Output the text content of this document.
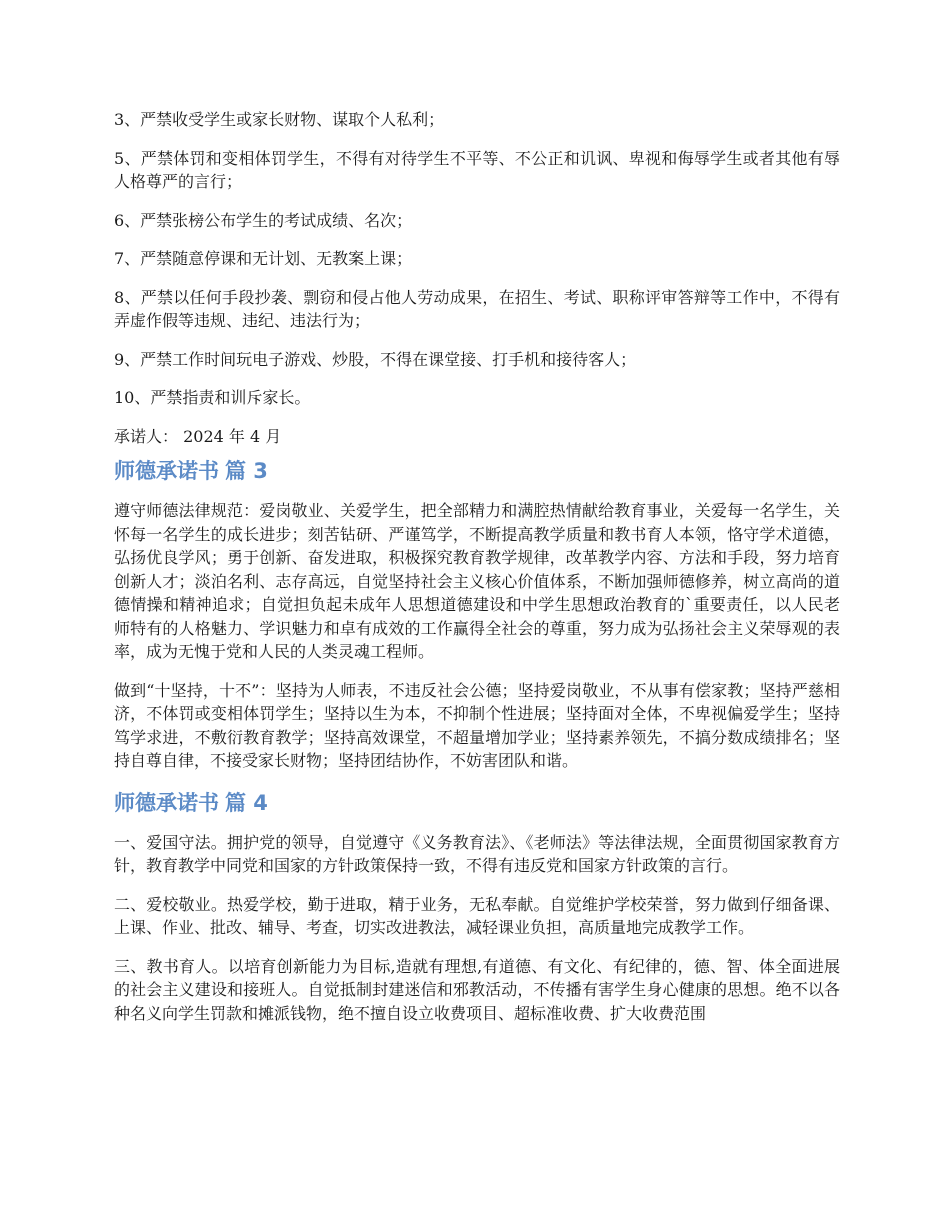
3、严禁收受学生或家长财物、谋取个人私利；

5、严禁体罚和变相体罚学生，不得有对待学生不平等、不公正和讥讽、卑视和侮辱学生或者其他有辱人格尊严的言行；

6、严禁张榜公布学生的考试成绩、名次；

7、严禁随意停课和无计划、无教案上课；

8、严禁以任何手段抄袭、剽窃和侵占他人劳动成果，在招生、考试、职称评审答辩等工作中，不得有弄虚作假等违规、违纪、违法行为；

9、严禁工作时间玩电子游戏、炒股，不得在课堂接、打手机和接待客人；

10、严禁指责和训斥家长。

承诺人： 2024 年 4 月

师德承诺书 篇 3

遵守师德法律规范：爱岗敬业、关爱学生，把全部精力和满腔热情献给教育事业，关爱每一名学生，关怀每一名学生的成长进步；刻苦钻研、严谨笃学，不断提高教学质量和教书育人本领，恪守学术道德，弘扬优良学风；勇于创新、奋发进取，积极探究教育教学规律，改革教学内容、方法和手段，努力培育创新人才；淡泊名利、志存高远，自觉坚持社会主义核心价值体系，不断加强师德修养，树立高尚的道德情操和精神追求；自觉担负起未成年人思想道德建设和中学生思想政治教育的`重要责任，以人民老师特有的人格魅力、学识魅力和卓有成效的工作赢得全社会的尊重，努力成为弘扬社会主义荣辱观的表率，成为无愧于党和人民的人类灵魂工程师。

做到“十坚持，十不”：坚持为人师表，不违反社会公德；坚持爱岗敬业，不从事有偿家教；坚持严慈相济，不体罚或变相体罚学生；坚持以生为本，不抑制个性进展；坚持面对全体，不卑视偏爱学生；坚持笃学求进，不敷衍教育教学；坚持高效课堂，不超量增加学业；坚持素养领先，不搞分数成绩排名；坚持自尊自律，不接受家长财物；坚持团结协作，不妨害团队和谐。

师德承诺书 篇 4

一、爱国守法。拥护党的领导，自觉遵守《义务教育法》、《老师法》等法律法规，全面贯彻国家教育方针，教育教学中同党和国家的方针政策保持一致，不得有违反党和国家方针政策的言行。

二、爱校敬业。热爱学校，勤于进取，精于业务，无私奉献。自觉维护学校荣誉，努力做到仔细备课、上课、作业、批改、辅导、考查，切实改进教法，减轻课业负担，高质量地完成教学工作。

三、教书育人。以培育创新能力为目标,造就有理想,有道德、有文化、有纪律的，德、智、体全面进展的社会主义建设和接班人。自觉抵制封建迷信和邪教活动，不传播有害学生身心健康的思想。绝不以各种名义向学生罚款和摊派钱物，绝不擅自设立收费项目、超标准收费、扩大收费范围
